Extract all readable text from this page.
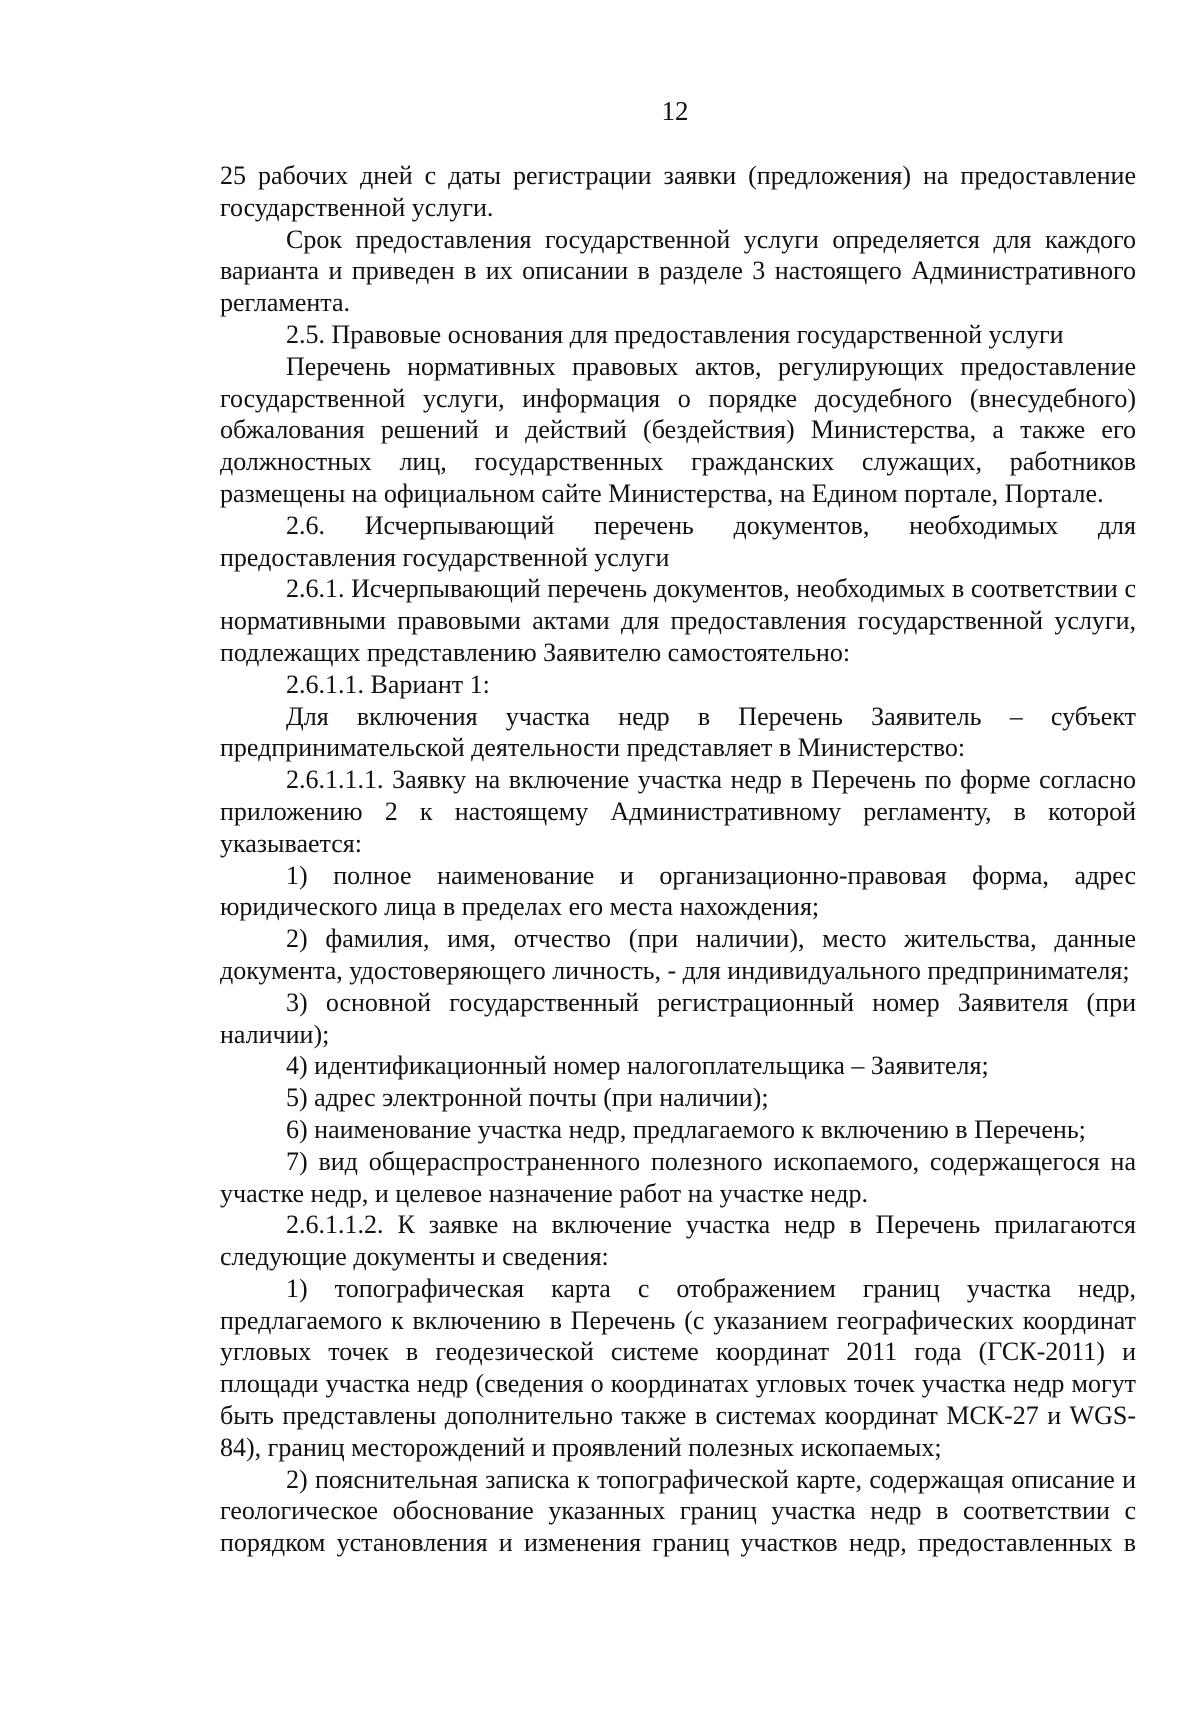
12

25 рабочих дней с даты регистрации заявки (предложения) на предоставление государственной услуги.

Срок предоставления государственной услуги определяется для каждого варианта и приведен в их описании в разделе 3 настоящего Административного регламента.

2.5. Правовые основания для предоставления государственной услуги

Перечень нормативных правовых актов, регулирующих предоставление государственной услуги, информация о порядке досудебного (внесудебного) обжалования решений и действий (бездействия) Министерства, а также его должностных лиц, государственных гражданских служащих, работников размещены на официальном сайте Министерства, на Едином портале, Портале.

2.6. Исчерпывающий перечень документов, необходимых для предоставления государственной услуги

2.6.1. Исчерпывающий перечень документов, необходимых в соответствии с нормативными правовыми актами для предоставления государственной услуги, подлежащих представлению Заявителю самостоятельно:

2.6.1.1. Вариант 1:

Для включения участка недр в Перечень Заявитель – субъект предпринимательской деятельности представляет в Министерство:

2.6.1.1.1. Заявку на включение участка недр в Перечень по форме согласно приложению 2 к настоящему Административному регламенту, в которой указывается:

1) полное наименование и организационно-правовая форма, адрес юридического лица в пределах его места нахождения;

2) фамилия, имя, отчество (при наличии), место жительства, данные документа, удостоверяющего личность, - для индивидуального предпринимателя;

3) основной государственный регистрационный номер Заявителя (при наличии);

4) идентификационный номер налогоплательщика – Заявителя;

5) адрес электронной почты (при наличии);

6) наименование участка недр, предлагаемого к включению в Перечень;

7) вид общераспространенного полезного ископаемого, содержащегося на участке недр, и целевое назначение работ на участке недр.

2.6.1.1.2. К заявке на включение участка недр в Перечень прилагаются следующие документы и сведения:

1) топографическая карта с отображением границ участка недр, предлагаемого к включению в Перечень (с указанием географических координат угловых точек в геодезической системе координат 2011 года (ГСК-2011) и площади участка недр (сведения о координатах угловых точек участка недр могут быть представлены дополнительно также в системах координат МСК-27 и WGS-84), границ месторождений и проявлений полезных ископаемых;

2) пояснительная записка к топографической карте, содержащая описание и геологическое обоснование указанных границ участка недр в соответствии с порядком установления и изменения границ участков недр, предоставленных в
